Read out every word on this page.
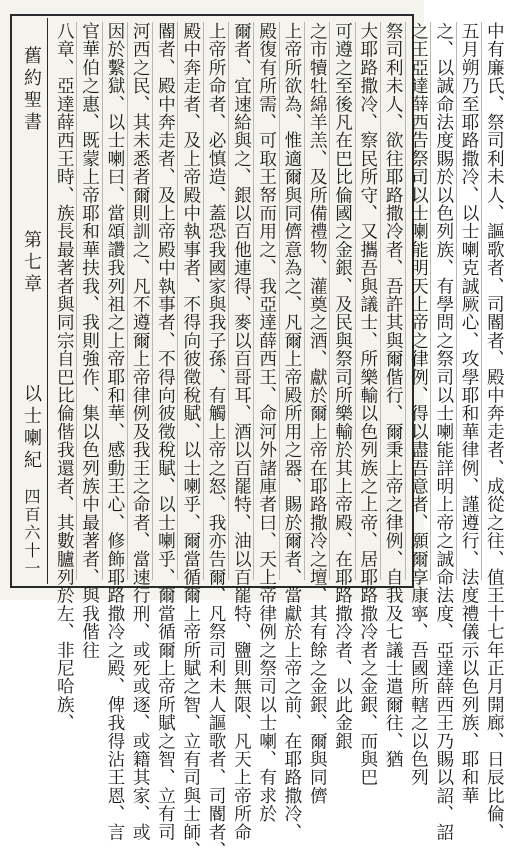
舊約聖書
以士喇紀
第七章
四百六十一	中有廉氏、祭司利未人、謳歌者、司閽者、殿中奔走者、成從之往、值王十七年正月開廊、日辰比倫、
五月朔乃至耶路撒冷、以士喇克誠厥心、攻學耶和華律例、謹遵行、法度禮儀示以色列族、耶和華
之、以誠命法度賜於以色列族、有學問之祭司以士喇能詳明上帝之誠命法度、亞達薛西王乃賜以詔、詔
之王亞達薛西告祭司以士喇能明天上帝之律例、得以盡吾意者、願爾享康寧、吾國所轄之以色列
祭司利未人、欲往耶路撒冷者、吾許其與爾偕行、爾秉上帝之律例、自我及七議士遣爾往、猶
大耶路撒冷、察民所守、又攜吾與議士、所樂輸以色列族之上帝、居耶路撒冷者之金銀、而與巴
可遵之至後凡在巴比倫國之金銀、及民與祭司所樂輸於其上帝殿、在耶路撒冷者、以此金銀
之市犢牡綿羊羔、及所備禮物、灌奠之酒、獻於爾上帝在耶路撒冷之壇、其有餘之金銀、爾與同儕
上帝所欲為、惟適爾與同儕意為之、凡爾上帝殿所用之器、賜於爾者、當獻於上帝之前、在耶路撒冷、
殿復有所需、可取王帑而用之、我亞達薛西王、命河外諸庫者曰、天上帝律例之祭司以士喇、有求於
爾者、宜速給與之、銀以百他連得、麥以百哥耳、酒以百罷特、油以百罷特、鹽則無限、凡天上帝所命
上帝所命者、必慎造、蓋恐我國家與我子孫、有觸上帝之怒、我亦告爾、凡祭司利未人謳歌者、司閽者、
殿中奔走者、及上帝殿中執事者、不得向彼徵稅賦、以士喇乎、爾當循爾上帝所賦之智、立有司與士師、
閽者、殿中奔走者、及上帝殿中執事者、不得向彼徵稅賦、以士喇乎、爾當循爾上帝所賦之智、立有司
河西之民、其未悉者爾則訓之、凡不遵爾上帝律例及我王之命者、當速行刑、或死或逐、或籍其家、或
因於繫獄、以士喇曰、當頌讚我列祖之上帝耶和華、感動王心、修飾耶路撒冷之殿、俾我得沾王恩、言
官華伯之惠、既蒙上帝耶和華扶我、我則強作、集以色列族中最著者、與我偕往
八章、亞達薛西王時、族長最著者與同宗自巴比倫偕我還者、其數臚列於左、非尼哈族、
